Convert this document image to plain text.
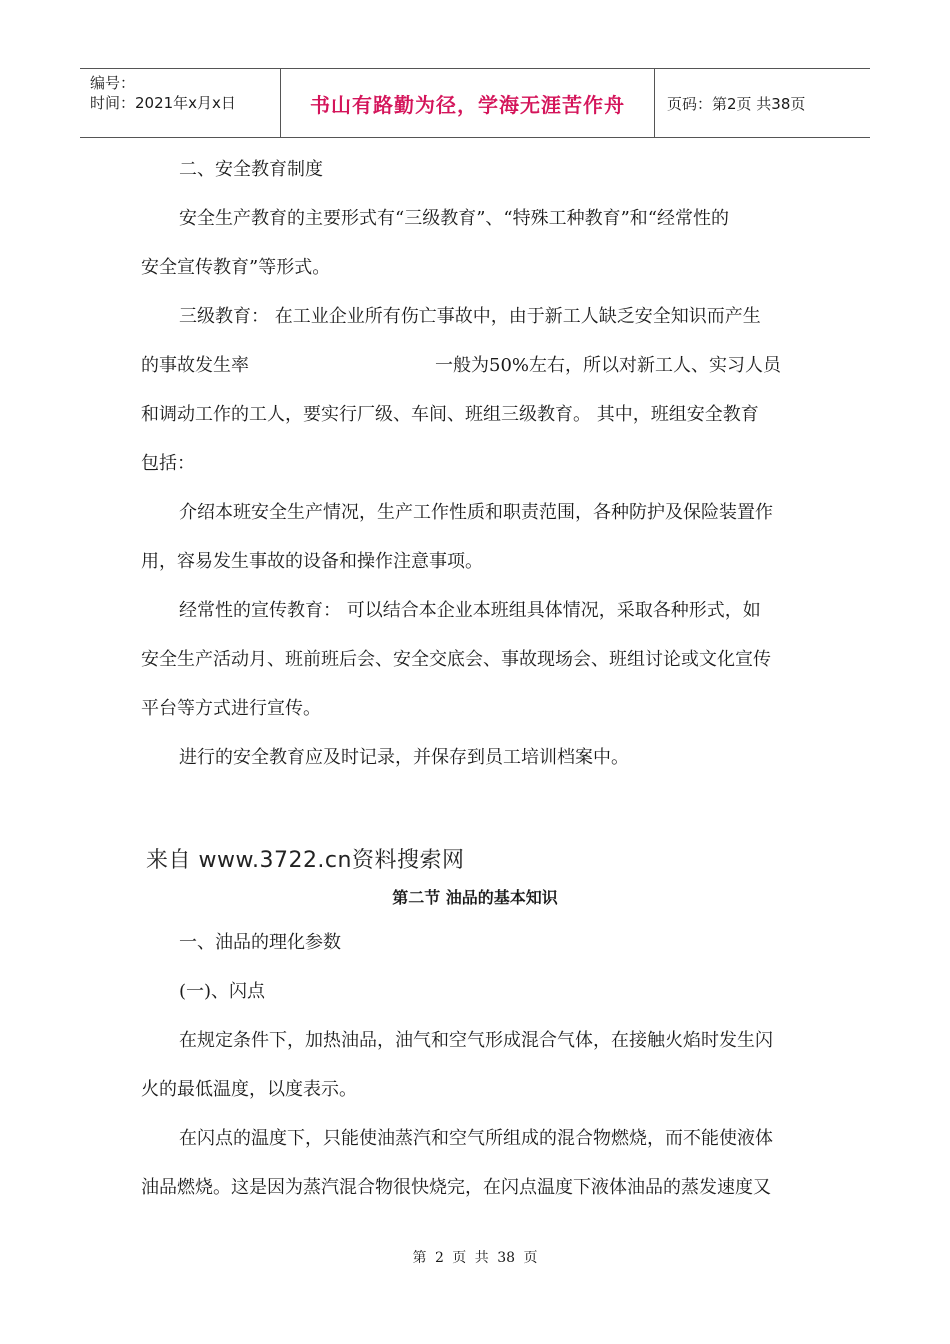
编号：
时间：2021年x月x日	书山有路勤为径，学海无涯苦作舟	页码：第2页 共38页

二、安全教育制度

安全生产教育的主要形式有“三级教育”、“特殊工种教育”和“经常性的

安全宣传教育”等形式。

三级教育： 在工业企业所有伤亡事故中，由于新工人缺乏安全知识而产生

的事故发生率	一般为50%左右，所以对新工人、实习人员

和调动工作的工人，要实行厂级、车间、班组三级教育。 其中，班组安全教育

包括：

介绍本班安全生产情况，生产工作性质和职责范围，各种防护及保险装置作

用，容易发生事故的设备和操作注意事项。

经常性的宣传教育： 可以结合本企业本班组具体情况，采取各种形式，如

安全生产活动月、班前班后会、安全交底会、事故现场会、班组讨论或文化宣传

平台等方式进行宣传。

进行的安全教育应及时记录，并保存到员工培训档案中。

来自 www.3722.cn资料搜索网
第二节 油品的基本知识

一、油品的理化参数

(一)、闪点

在规定条件下，加热油品，油气和空气形成混合气体，在接触火焰时发生闪

火的最低温度，以度表示。

在闪点的温度下，只能使油蒸汽和空气所组成的混合物燃烧，而不能使液体

油品燃烧。这是因为蒸汽混合物很快烧完，在闪点温度下液体油品的蒸发速度又

第 2 页 共 38 页
